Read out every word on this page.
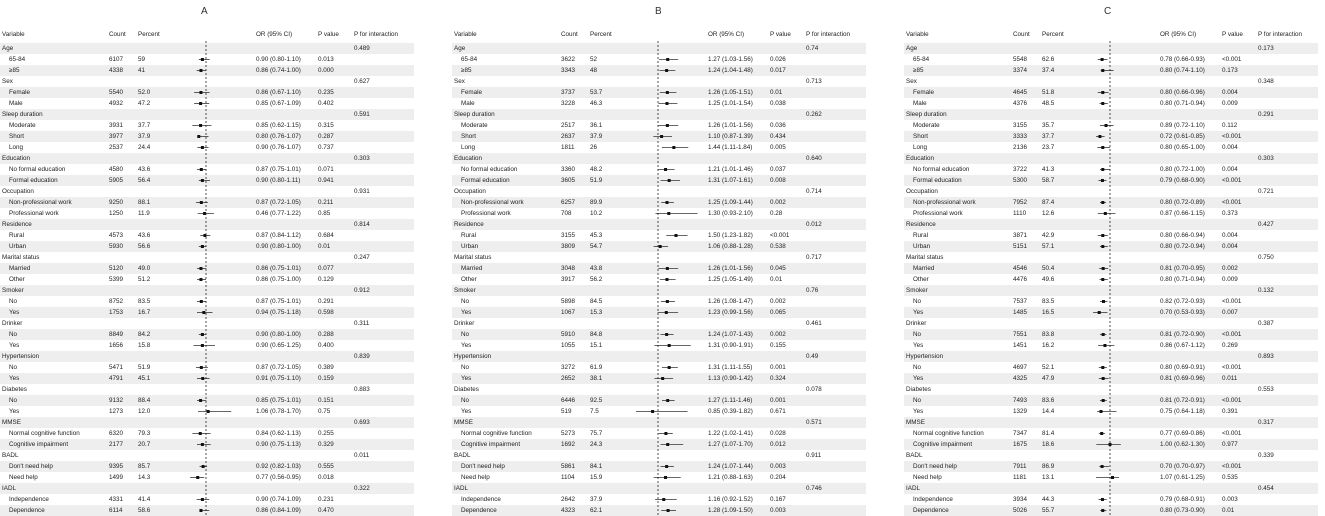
A
Variable	Count Percent	OR (95% CI)	P value P for interaction
Age	0.489
65-84	6107 59	0.90 (0.80-1.10)	0.013
≥85	4338 41	0.86 (0.74-1.00)	0.000
Sex	0.627
Female	5540 52.0	0.86 (0.67-1.10)	0.235
Male	4932 47.2	0.85 (0.67-1.09)	0.402
Sleep duration	0.591
Moderate	3931 37.7	0.85 (0.62-1.15)	0.315
Short	3977 37.9	0.80 (0.76-1.07)	0.287
Long	2537 24.4	0.90 (0.76-1.07)	0.737
Education	0.303
No formal education	4580 43.6	0.87 (0.75-1.01)	0.071
Formal education	5905 56.4	0.90 (0.80-1.11)	0.941
Occupation	0.931
Non-professional work	9250 88.1	0.87 (0.72-1.05)	0.211
Professional work	1250 11.9	0.46 (0.77-1.22)	0.85
Residence	0.814
Rural	4573 43.6	0.87 (0.84-1.12)	0.684
Urban	5930 56.6	0.90 (0.80-1.00)	0.01
Marital status	0.247
Married	5120 49.0	0.86 (0.75-1.01)	0.077
Other	5399 51.2	0.86 (0.75-1.00)	0.129
Smoker	0.912
No	8752 83.5	0.87 (0.75-1.01)	0.291
Yes	1753 16.7	0.94 (0.75-1.18)	0.598
Drinker	0.311
No	8849 84.2	0.90 (0.80-1.00)	0.288
Yes	1656 15.8	0.90 (0.65-1.25)	0.400
Hypertension	0.839
No	5471 51.9	0.87 (0.72-1.05)	0.389
Yes	4791 45.1	0.91 (0.75-1.10)	0.159
Diabetes	0.883
No	9132 88.4	0.85 (0.75-1.01)	0.151
Yes	1273 12.0	1.06 (0.78-1.70)	0.75
MMSE	0.693
Normal cognitive function	6320 79.3	0.84 (0.62-1.13)	0.255
Cognitive impairment	2177 20.7	0.90 (0.75-1.13)	0.329
BADL	0.011
Don't need help	9395 85.7	0.92 (0.82-1.03)	0.555
Need help	1499 14.3	0.77 (0.56-0.95)	0.018
IADL	0.322
Independence	4331 41.4	0.90 (0.74-1.09)	0.231
Dependence	6114 58.6	0.86 (0.84-1.09)	0.470
B
Variable	Count Percent	OR (95% CI)	P value P for interaction
Age	0.74
65-84	3622 52	1.27 (1.03-1.56)	0.026
≥85	3343 48	1.24 (1.04-1.48)	0.017
Sex	0.713
Female	3737 53.7	1.26 (1.05-1.51)	0.01
Male	3228 46.3	1.25 (1.01-1.54)	0.038
Sleep duration	0.262
Moderate	2517 36.1	1.26 (1.01-1.56)	0.036
Short	2637 37.9	1.10 (0.87-1.39)	0.434
Long	1811 26	1.44 (1.11-1.84)	0.005
Education	0.640
No formal education	3360 48.2	1.21 (1.01-1.46)	0.037
Formal education	3605 51.9	1.31 (1.07-1.61)	0.008
Occupation	0.714
Non-professional work	6257 89.9	1.25 (1.09-1.44)	0.002
Professional work	708	10.2	1.30 (0.93-2.10)	0.28
Residence	0.012
Rural	3155 45.3	1.50 (1.23-1.82)	<0.001
Urban	3809 54.7	1.06 (0.88-1.28)	0.538
Marital status	0.717
Married	3048 43.8	1.26 (1.01-1.56)	0.045
Other	3917 56.2	1.25 (1.05-1.49)	0.01
Smoker	0.76
No	5898 84.5	1.26 (1.08-1.47)	0.002
Yes	1067 15.3	1.23 (0.99-1.56)	0.065
Drinker	0.461
No	5910 84.8	1.24 (1.07-1.43)	0.002
Yes	1055 15.1	1.31 (0.90-1.91)	0.155
Hypertension	0.49
No	3272 61.9	1.31 (1.11-1.55)	0.001
Yes	2652 38.1	1.13 (0.90-1.42)	0.324
Diabetes	0.078
No	6446 92.5	1.27 (1.11-1.46)	0.001
Yes	519	7.5	0.85 (0.39-1.82)	0.671
MMSE	0.571
Normal cognitive function	5273 75.7	1.22 (1.02-1.41)	0.028
Cognitive impairment	1692 24.3	1.27 (1.07-1.70)	0.012
BADL	0.911
Don't need help	5861 84.1	1.24 (1.07-1.44)	0.003
Need help	1104 15.9	1.21 (0.88-1.63)	0.204
IADL	0.746
Independence	2642 37.9	1.16 (0.92-1.52)	0.167
Dependence	4323 62.1	1.28 (1.09-1.50)	0.003
C
Variable	Count Percent	OR (95% CI)	P value P for interaction
Age	0.173
65-84	5548 62.6	0.78 (0.66-0.93)	<0.001
≥85	3374 37.4	0.80 (0.74-1.10)	0.173
Sex	0.348
Female	4645 51.8	0.80 (0.66-0.96)	0.004
Male	4376 48.5	0.80 (0.71-0.94)	0.009
Sleep duration	0.291
Moderate	3155 35.7	0.89 (0.72-1.10)	0.112
Short	3333 37.7	0.72 (0.61-0.85)	<0.001
Long	2136 23.7	0.80 (0.65-1.00)	0.004
Education	0.303
No formal education	3722 41.3	0.80 (0.72-1.00)	0.004
Formal education	5300 58.7	0.79 (0.68-0.90)	<0.001
Occupation	0.721
Non-professional work	7952 87.4	0.80 (0.72-0.89)	<0.001
Professional work	1110	12.6	0.87 (0.66-1.15)	0.373
Residence	0.427
Rural	3871 42.9	0.80 (0.66-0.94)	0.004
Urban	5151 57.1	0.80 (0.72-0.94)	0.004
Marital status	0.750
Married	4546 50.4	0.81 (0.70-0.95)	0.002
Other	4476 49.6	0.80 (0.71-0.94)	0.009
Smoker	0.132
No	7537 83.5	0.82 (0.72-0.93)	<0.001
Yes	1485 16.5	0.70 (0.53-0.93)	0.007
Drinker	0.387
No	7551 83.8	0.81 (0.72-0.90)	<0.001
Yes	1451 16.2	0.86 (0.67-1.12)	0.269
Hypertension	0.893
No	4697 52.1	0.80 (0.69-0.91)	<0.001
Yes	4325 47.9	0.81 (0.69-0.96)	0.011
Diabetes	0.553
No	7493 83.6	0.81 (0.72-0.91)	<0.001
Yes	1329 14.4	0.75 (0.64-1.18)	0.391
MMSE	0.317
Normal cognitive function	7347 81.4	0.77 (0.69-0.86)	<0.001
Cognitive impairment	1675 18.6	1.00 (0.62-1.30)	0.977
BADL	0.339
Don't need help	7911 86.9	0.70 (0.70-0.97)	<0.001
Need help	1181 13.1	1.07 (0.61-1.25)	0.535
IADL	0.454
Independence	3934 44.3	0.79 (0.68-0.91)	0.003
Dependence	5026 55.7	0.80 (0.73-0.90)	0.01
